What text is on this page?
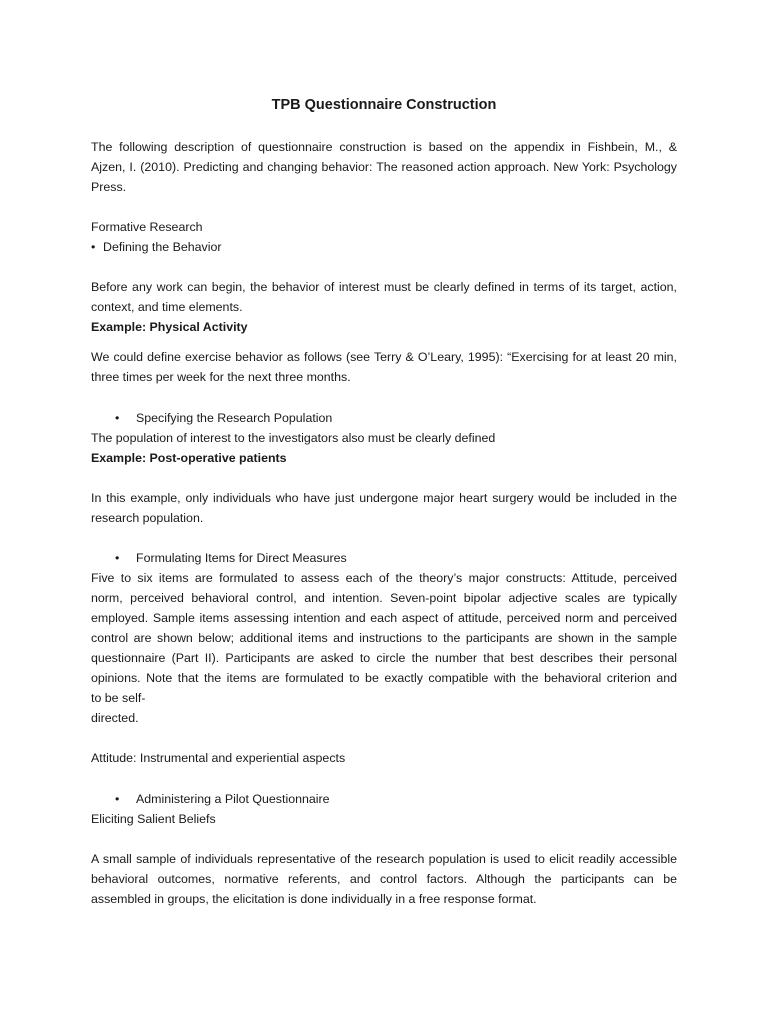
TPB Questionnaire Construction
The following description of questionnaire construction is based on the appendix in Fishbein, M., &
Ajzen, I. (2010). Predicting and changing behavior: The reasoned action approach. New York: Psychology
Press.
Formative Research
• Defining the Behavior
Before any work can begin, the behavior of interest must be clearly defined in terms of its target, action,
context, and time elements.
Example: Physical Activity
We could define exercise behavior as follows (see Terry & O’Leary, 1995): “Exercising for at least 20 min,
three times per week for the next three months.
• Specifying the Research Population
The population of interest to the investigators also must be clearly defined
Example: Post-operative patients
In this example, only individuals who have just undergone major heart surgery would be included in the
research population.
• Formulating Items for Direct Measures
Five to six items are formulated to assess each of the theory’s major constructs: Attitude, perceived
norm, perceived behavioral control, and intention. Seven-point bipolar adjective scales are typically
employed. Sample items assessing intention and each aspect of attitude, perceived norm and perceived
control are shown below; additional items and instructions to the participants are shown in the sample
questionnaire (Part II). Participants are asked to circle the number that best describes their personal
opinions. Note that the items are formulated to be exactly compatible with the behavioral criterion and
to be self-
directed.
Attitude: Instrumental and experiential aspects
• Administering a Pilot Questionnaire
Eliciting Salient Beliefs
A small sample of individuals representative of the research population is used to elicit readily accessible
behavioral outcomes, normative referents, and control factors. Although the participants can be
assembled in groups, the elicitation is done individually in a free response format.
